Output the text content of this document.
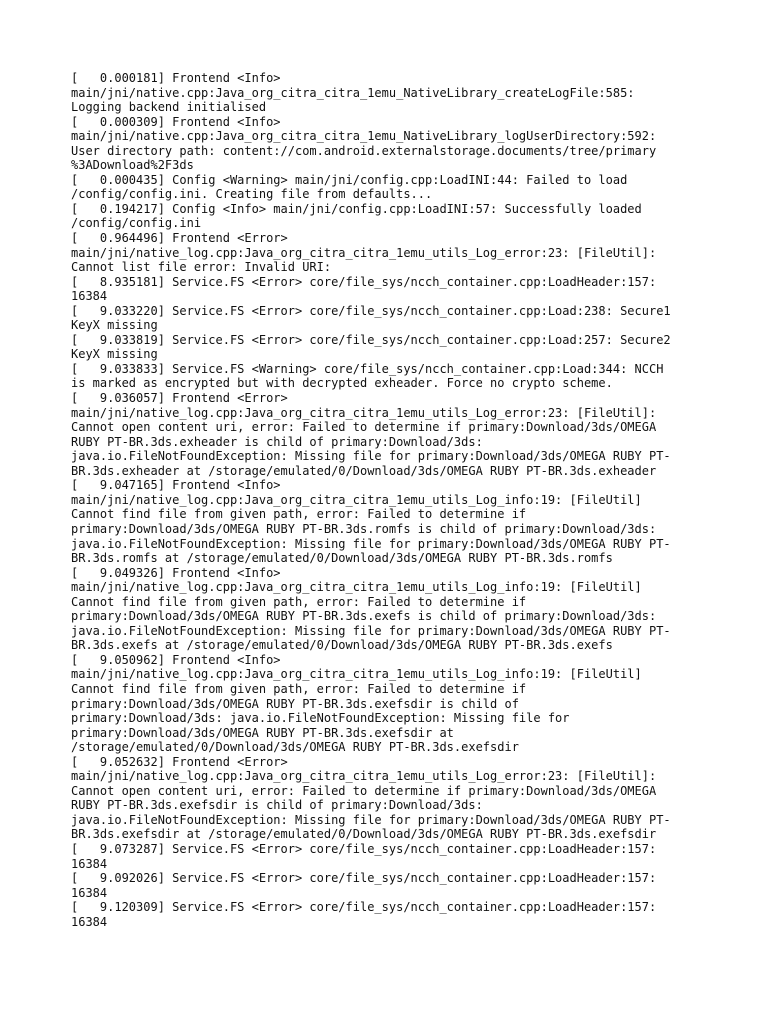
[   0.000181] Frontend <Info>
main/jni/native.cpp:Java_org_citra_citra_1emu_NativeLibrary_createLogFile:585:
Logging backend initialised
[   0.000309] Frontend <Info>
main/jni/native.cpp:Java_org_citra_citra_1emu_NativeLibrary_logUserDirectory:592:
User directory path: content://com.android.externalstorage.documents/tree/primary
%3ADownload%2F3ds
[   0.000435] Config <Warning> main/jni/config.cpp:LoadINI:44: Failed to load
/config/config.ini. Creating file from defaults...
[   0.194217] Config <Info> main/jni/config.cpp:LoadINI:57: Successfully loaded
/config/config.ini
[   0.964496] Frontend <Error>
main/jni/native_log.cpp:Java_org_citra_citra_1emu_utils_Log_error:23: [FileUtil]:
Cannot list file error: Invalid URI:
[   8.935181] Service.FS <Error> core/file_sys/ncch_container.cpp:LoadHeader:157:
16384
[   9.033220] Service.FS <Error> core/file_sys/ncch_container.cpp:Load:238: Secure1
KeyX missing
[   9.033819] Service.FS <Error> core/file_sys/ncch_container.cpp:Load:257: Secure2
KeyX missing
[   9.033833] Service.FS <Warning> core/file_sys/ncch_container.cpp:Load:344: NCCH
is marked as encrypted but with decrypted exheader. Force no crypto scheme.
[   9.036057] Frontend <Error>
main/jni/native_log.cpp:Java_org_citra_citra_1emu_utils_Log_error:23: [FileUtil]:
Cannot open content uri, error: Failed to determine if primary:Download/3ds/OMEGA
RUBY PT-BR.3ds.exheader is child of primary:Download/3ds:
java.io.FileNotFoundException: Missing file for primary:Download/3ds/OMEGA RUBY PT-
BR.3ds.exheader at /storage/emulated/0/Download/3ds/OMEGA RUBY PT-BR.3ds.exheader
[   9.047165] Frontend <Info>
main/jni/native_log.cpp:Java_org_citra_citra_1emu_utils_Log_info:19: [FileUtil]
Cannot find file from given path, error: Failed to determine if
primary:Download/3ds/OMEGA RUBY PT-BR.3ds.romfs is child of primary:Download/3ds:
java.io.FileNotFoundException: Missing file for primary:Download/3ds/OMEGA RUBY PT-
BR.3ds.romfs at /storage/emulated/0/Download/3ds/OMEGA RUBY PT-BR.3ds.romfs
[   9.049326] Frontend <Info>
main/jni/native_log.cpp:Java_org_citra_citra_1emu_utils_Log_info:19: [FileUtil]
Cannot find file from given path, error: Failed to determine if
primary:Download/3ds/OMEGA RUBY PT-BR.3ds.exefs is child of primary:Download/3ds:
java.io.FileNotFoundException: Missing file for primary:Download/3ds/OMEGA RUBY PT-
BR.3ds.exefs at /storage/emulated/0/Download/3ds/OMEGA RUBY PT-BR.3ds.exefs
[   9.050962] Frontend <Info>
main/jni/native_log.cpp:Java_org_citra_citra_1emu_utils_Log_info:19: [FileUtil]
Cannot find file from given path, error: Failed to determine if
primary:Download/3ds/OMEGA RUBY PT-BR.3ds.exefsdir is child of
primary:Download/3ds: java.io.FileNotFoundException: Missing file for
primary:Download/3ds/OMEGA RUBY PT-BR.3ds.exefsdir at
/storage/emulated/0/Download/3ds/OMEGA RUBY PT-BR.3ds.exefsdir
[   9.052632] Frontend <Error>
main/jni/native_log.cpp:Java_org_citra_citra_1emu_utils_Log_error:23: [FileUtil]:
Cannot open content uri, error: Failed to determine if primary:Download/3ds/OMEGA
RUBY PT-BR.3ds.exefsdir is child of primary:Download/3ds:
java.io.FileNotFoundException: Missing file for primary:Download/3ds/OMEGA RUBY PT-
BR.3ds.exefsdir at /storage/emulated/0/Download/3ds/OMEGA RUBY PT-BR.3ds.exefsdir
[   9.073287] Service.FS <Error> core/file_sys/ncch_container.cpp:LoadHeader:157:
16384
[   9.092026] Service.FS <Error> core/file_sys/ncch_container.cpp:LoadHeader:157:
16384
[   9.120309] Service.FS <Error> core/file_sys/ncch_container.cpp:LoadHeader:157:
16384
